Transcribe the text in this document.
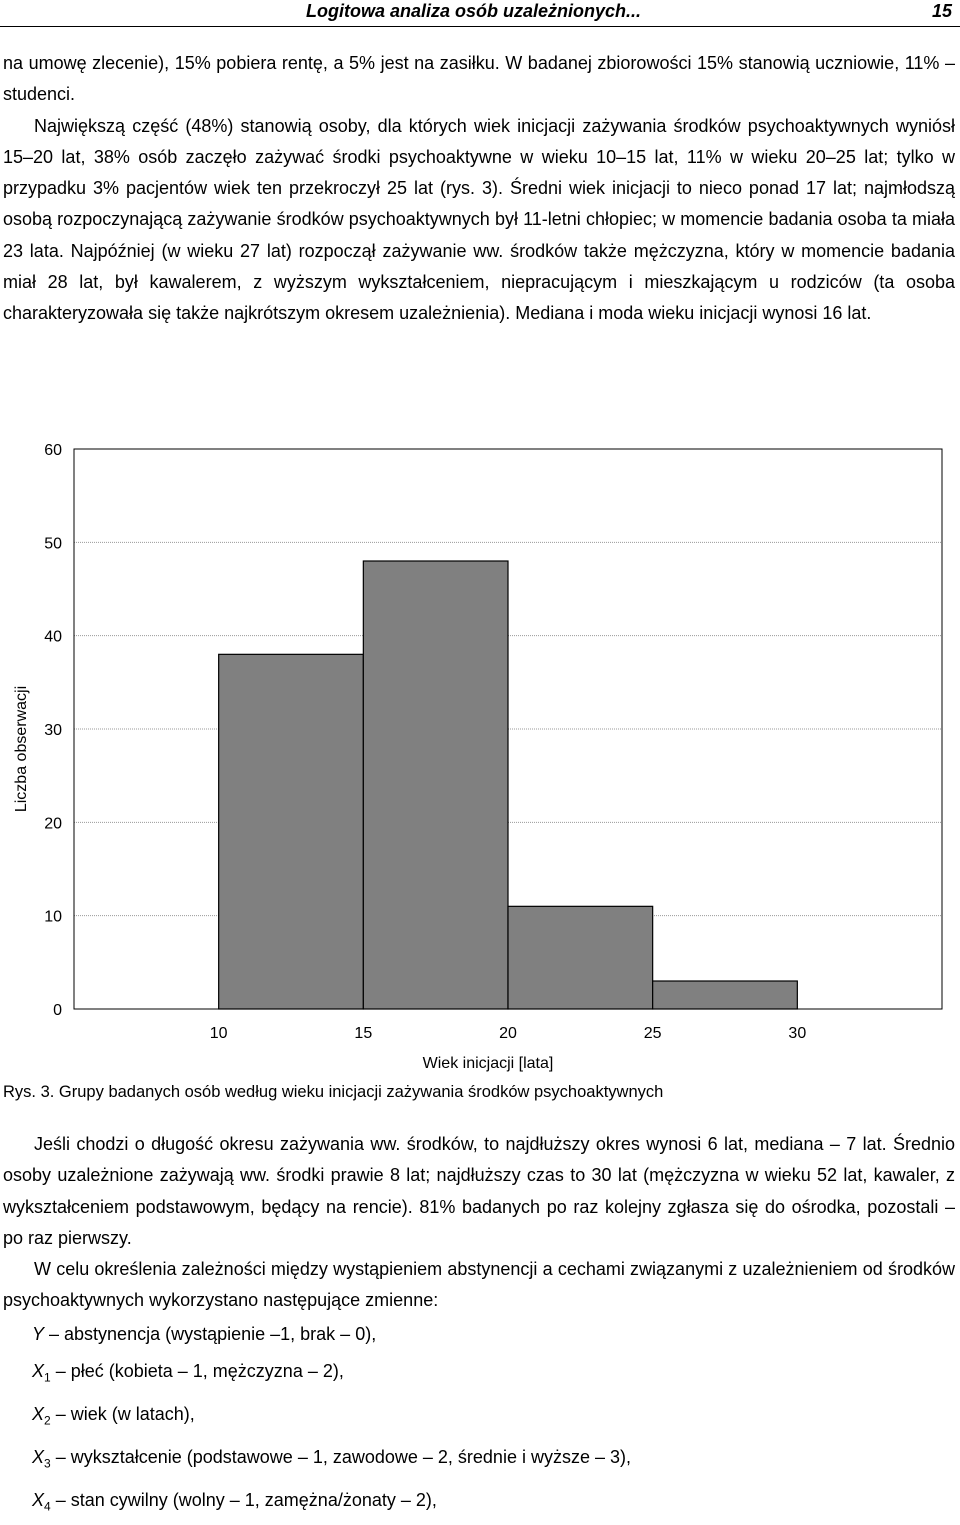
Logitowa analiza osób uzależnionych...	15

na umowę zlecenie), 15% pobiera rentę, a 5% jest na zasiłku. W badanej zbiorowości 15% stanowią uczniowie, 11% – studenci.

Największą część (48%) stanowią osoby, dla których wiek inicjacji zażywania środków psychoaktywnych wyniósł 15–20 lat, 38% osób zaczęło zażywać środki psychoaktywne w wieku 10–15 lat, 11% w wieku 20–25 lat; tylko w przypadku 3% pacjentów wiek ten przekroczył 25 lat (rys. 3). Średni wiek inicjacji to nieco ponad 17 lat; najmłodszą osobą rozpoczynającą zażywanie środków psychoaktywnych był 11-letni chłopiec; w momencie badania osoba ta miała 23 lata. Najpóźniej (w wieku 27 lat) rozpoczął zażywanie ww. środków także mężczyzna, który w momencie badania miał 28 lat, był kawalerem, z wyższym wykształceniem, niepracującym i mieszkającym u rodziców (ta osoba charakteryzowała się także najkrótszym okresem uzależnienia). Mediana i moda wieku inicjacji wynosi 16 lat.

0
10
20
30
40
50
60
10	15	20	25	30
Wiek inicjacji [lata]
Liczba obserwacji
Rys. 3. Grupy badanych osób według wieku inicjacji zażywania środków psychoaktywnych

Jeśli chodzi o długość okresu zażywania ww. środków, to najdłuższy okres wynosi 6 lat, mediana – 7 lat. Średnio osoby uzależnione zażywają ww. środki prawie 8 lat; najdłuższy czas to 30 lat (mężczyzna w wieku 52 lat, kawaler, z wykształceniem podstawowym, będący na rencie). 81% badanych po raz kolejny zgłasza się do ośrodka, pozostali – po raz pierwszy.

W celu określenia zależności między wystąpieniem abstynencji a cechami związanymi z uzależnieniem od środków psychoaktywnych wykorzystano następujące zmienne:

Y – abstynencja (wystąpienie –1, brak – 0),
$X_1$ – płeć (kobieta – 1, mężczyzna – 2),
$X_2$ – wiek (w latach),
$X_3$ – wykształcenie (podstawowe – 1, zawodowe – 2, średnie i wyższe – 3),
$X_4$ – stan cywilny (wolny – 1, zamężna/żonaty – 2),
